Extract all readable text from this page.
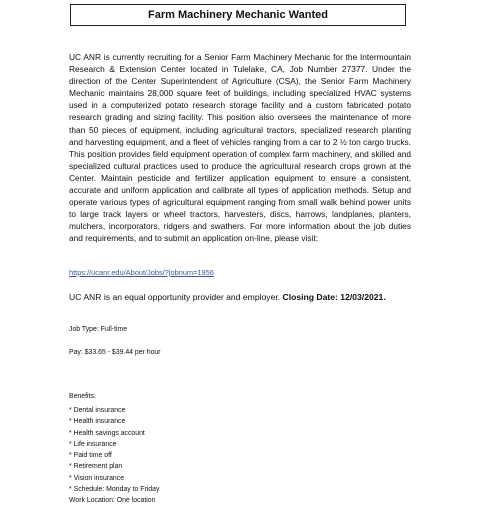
Farm Machinery Mechanic Wanted

UC ANR is currently recruiting for a Senior Farm Machinery Mechanic for the Intermountain Research & Extension Center located in Tulelake, CA, Job Number 27377. Under the direction of the Center Superintendent of Agriculture (CSA), the Senior Farm Machinery Mechanic maintains 28,000 square feet of buildings, including specialized HVAC systems used in a computerized potato research storage facility and a custom fabricated potato research grading and sizing facility. This position also oversees the maintenance of more than 50 pieces of equipment, including agricultural tractors, specialized research planting and harvesting equipment, and a fleet of vehicles ranging from a car to 2 ½ ton cargo trucks. This position provides field equipment operation of complex farm machinery, and skilled and specialized cultural practices used to produce the agricultural research crops grown at the Center. Maintain pesticide and fertilizer application equipment to ensure a consistent, accurate and uniform application and calibrate all types of application methods. Setup and operate various types of agricultural equipment ranging from small walk behind power units to large track layers or wheel tractors, harvesters, discs, harrows, landplanes, planters, mulchers, incorporators, ridgers and swathers. For more information about the job duties and requirements, and to submit an application on-line, please visit:

https://ucanr.edu/About/Jobs/?jobnum=1956
UC ANR is an equal opportunity provider and employer. Closing Date: 12/03/2021.
Job Type: Full-time
Pay: $33.65 - $39.44 per hour
Benefits:
* Dental insurance
* Health insurance
* Health savings account
* Life insurance
* Paid time off
* Retirement plan
* Vision insurance
* Schedule: Monday to Friday
Work Location: One location
